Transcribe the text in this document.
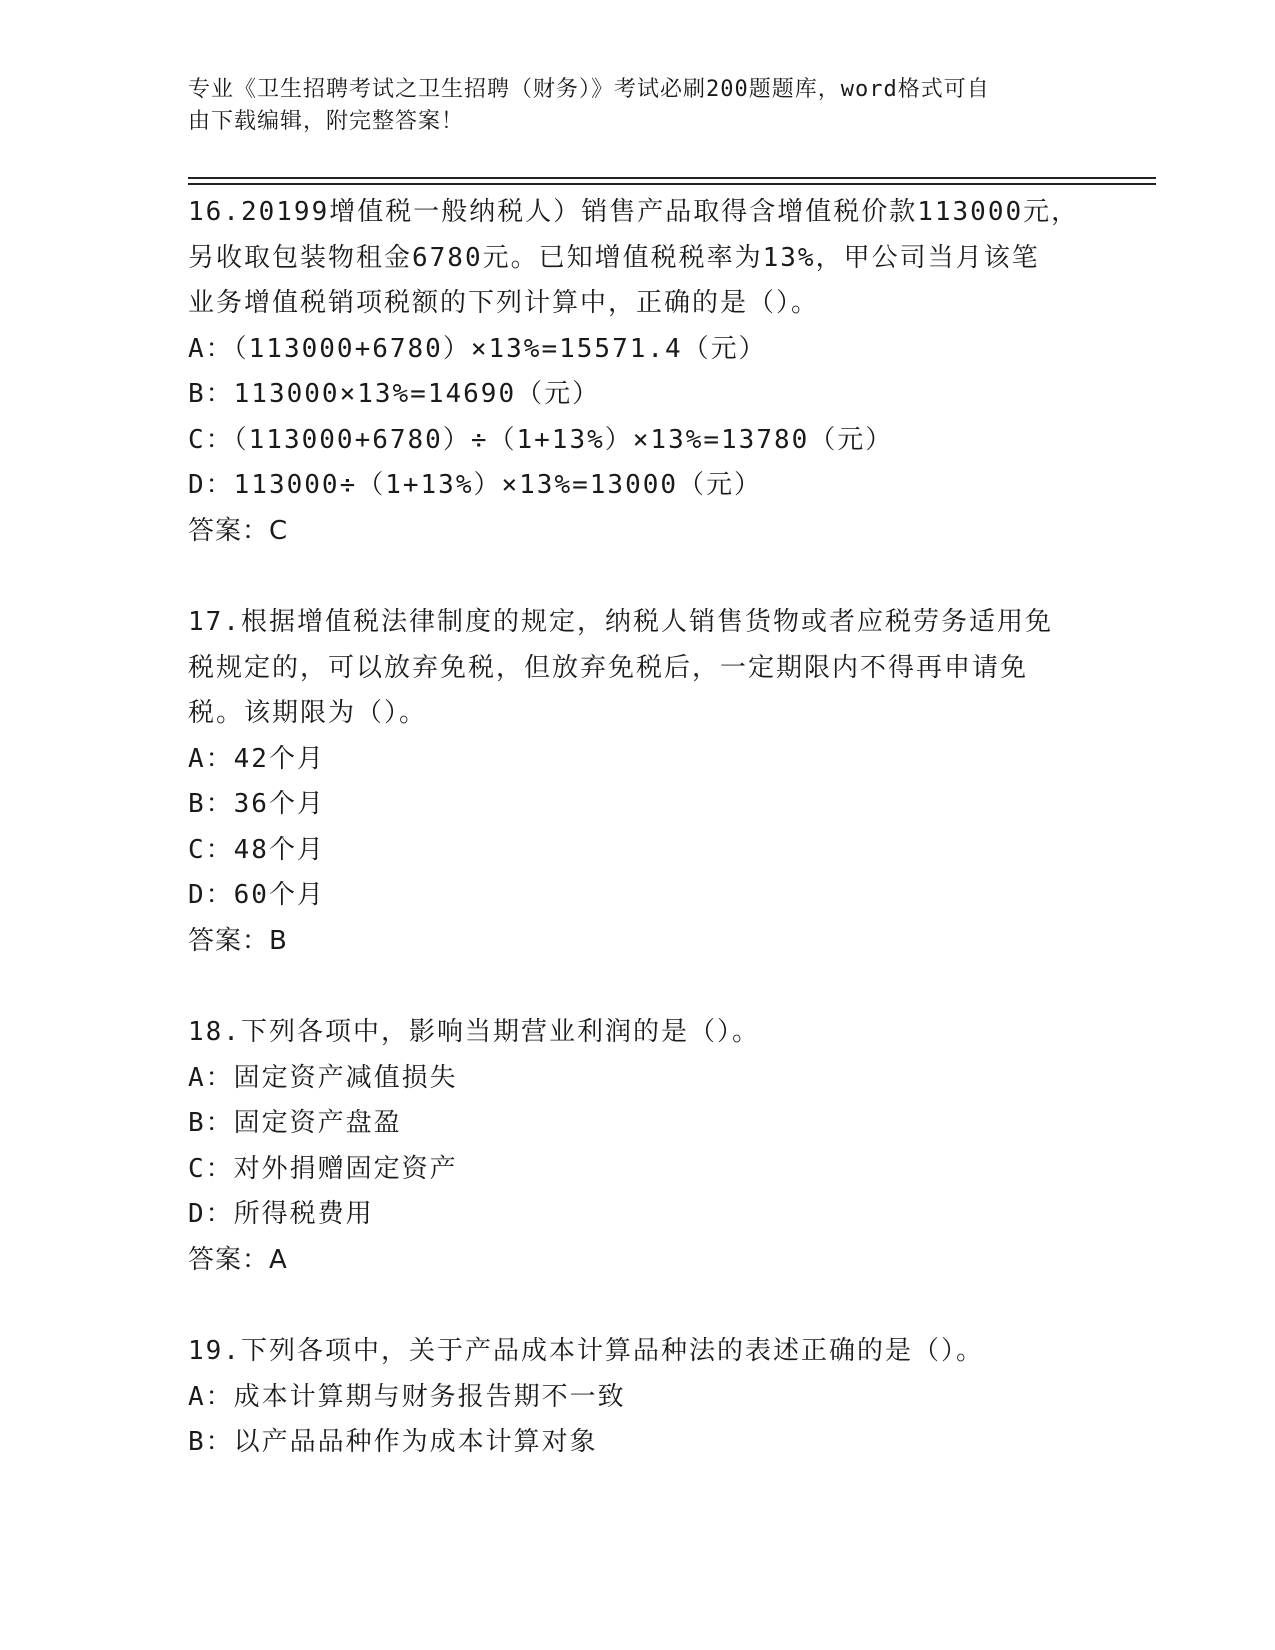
专业《卫生招聘考试之卫生招聘（财务）》考试必刷200题题库，word格式可自
由下载编辑，附完整答案！
16.20199增值税一般纳税人）销售产品取得含增值税价款113000元，
另收取包装物租金6780元。已知增值税税率为13%，甲公司当月该笔
业务增值税销项税额的下列计算中，正确的是（）。
A：（113000+6780）×13%=15571.4（元）
B：113000×13%=14690（元）
C：（113000+6780）÷（1+13%）×13%=13780（元）
D：113000÷（1+13%）×13%=13000（元）
答案：C
17.根据增值税法律制度的规定，纳税人销售货物或者应税劳务适用免
税规定的，可以放弃免税，但放弃免税后，一定期限内不得再申请免
税。该期限为（）。
A：42个月
B：36个月
C：48个月
D：60个月
答案：B
18.下列各项中，影响当期营业利润的是（）。
A：固定资产减值损失
B：固定资产盘盈
C：对外捐赠固定资产
D：所得税费用
答案：A
19.下列各项中，关于产品成本计算品种法的表述正确的是（）。
A：成本计算期与财务报告期不一致
B：以产品品种作为成本计算对象
